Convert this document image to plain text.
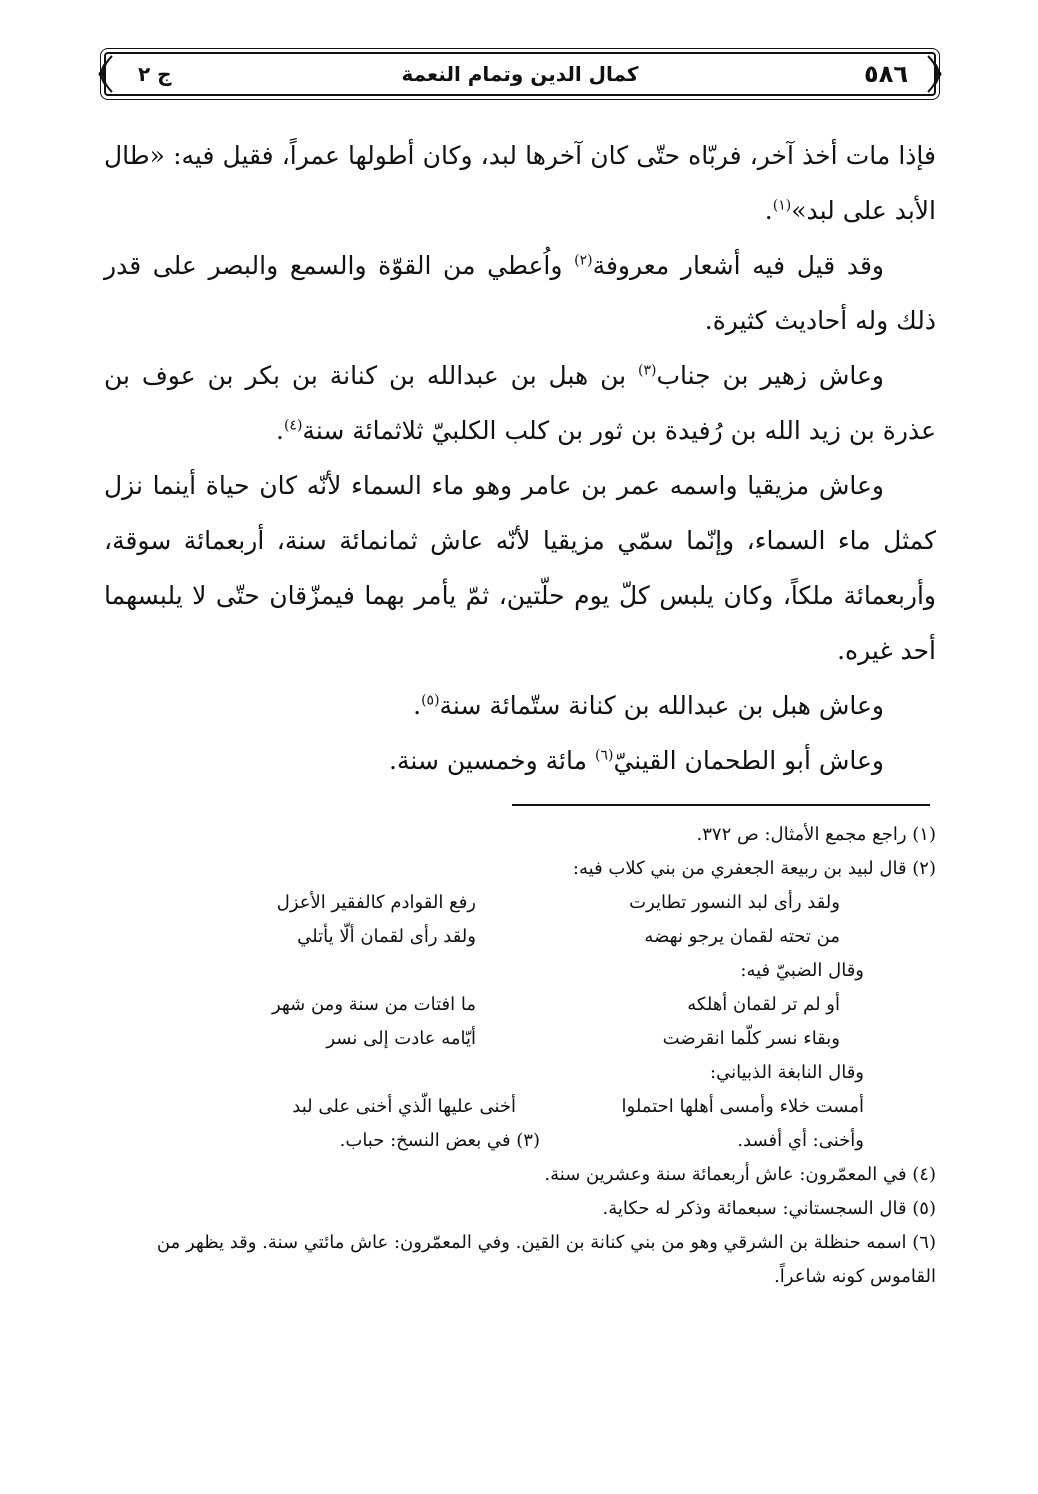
٥٨٦
كمال الدين وتمام النعمة
ج ٢

فإذا مات أخذ آخر، فربّاه حتّى كان آخرها لبد، وكان أطولها عمراً، فقيل فيه: «طال الأبد على لبد»$^{(١)}$.

وقد قيل فيه أشعار معروفة$^{(٢)}$ واُعطي من القوّة والسمع والبصر على قدر ذلك وله أحاديث كثيرة.

وعاش زهير بن جناب$^{(٣)}$ بن هبل بن عبدالله بن كنانة بن بكر بن عوف بن عذرة بن زيد الله بن رُفيدة بن ثور بن كلب الكلبيّ ثلاثمائة سنة$^{(٤)}$.

وعاش مزيقيا واسمه عمر بن عامر وهو ماء السماء لأنّه كان حياة أينما نزل كمثل ماء السماء، وإنّما سمّي مزيقيا لأنّه عاش ثمانمائة سنة، أربعمائة سوقة، وأربعمائة ملكاً، وكان يلبس كلّ يوم حلّتين، ثمّ يأمر بهما فيمزّقان حتّى لا يلبسهما أحد غيره.

وعاش هبل بن عبدالله بن كنانة ستّمائة سنة$^{(٥)}$.

وعاش أبو الطحمان القينيّ$^{(٦)}$ مائة وخمسين سنة.

(١) راجع مجمع الأمثال: ص ٣٧٢.

(٢) قال لبيد بن ربيعة الجعفري من بني كلاب فيه:

ولقد رأى لبد النسور تطايرت
رفع القوادم كالفقير الأعزل
من تحته لقمان يرجو نهضه
ولقد رأى لقمان ألّا يأتلي

وقال الضبيّ فيه:

أو لم تر لقمان أهلكه
ما افتات من سنة ومن شهر
وبقاء نسر كلّما انقرضت
أيّامه عادت إلى نسر

وقال النابغة الذبياني:

أمست خلاء وأمسى أهلها احتملوا
أخنى عليها الّذي أخنى على لبد
وأخنى: أي أفسد.
(٣) في بعض النسخ: حباب.

(٤) في المعمّرون: عاش أربعمائة سنة وعشرين سنة.

(٥) قال السجستاني: سبعمائة وذكر له حكاية.

(٦) اسمه حنظلة بن الشرقي وهو من بني كنانة بن القين. وفي المعمّرون: عاش مائتي سنة. وقد يظهر من القاموس كونه شاعراً.
